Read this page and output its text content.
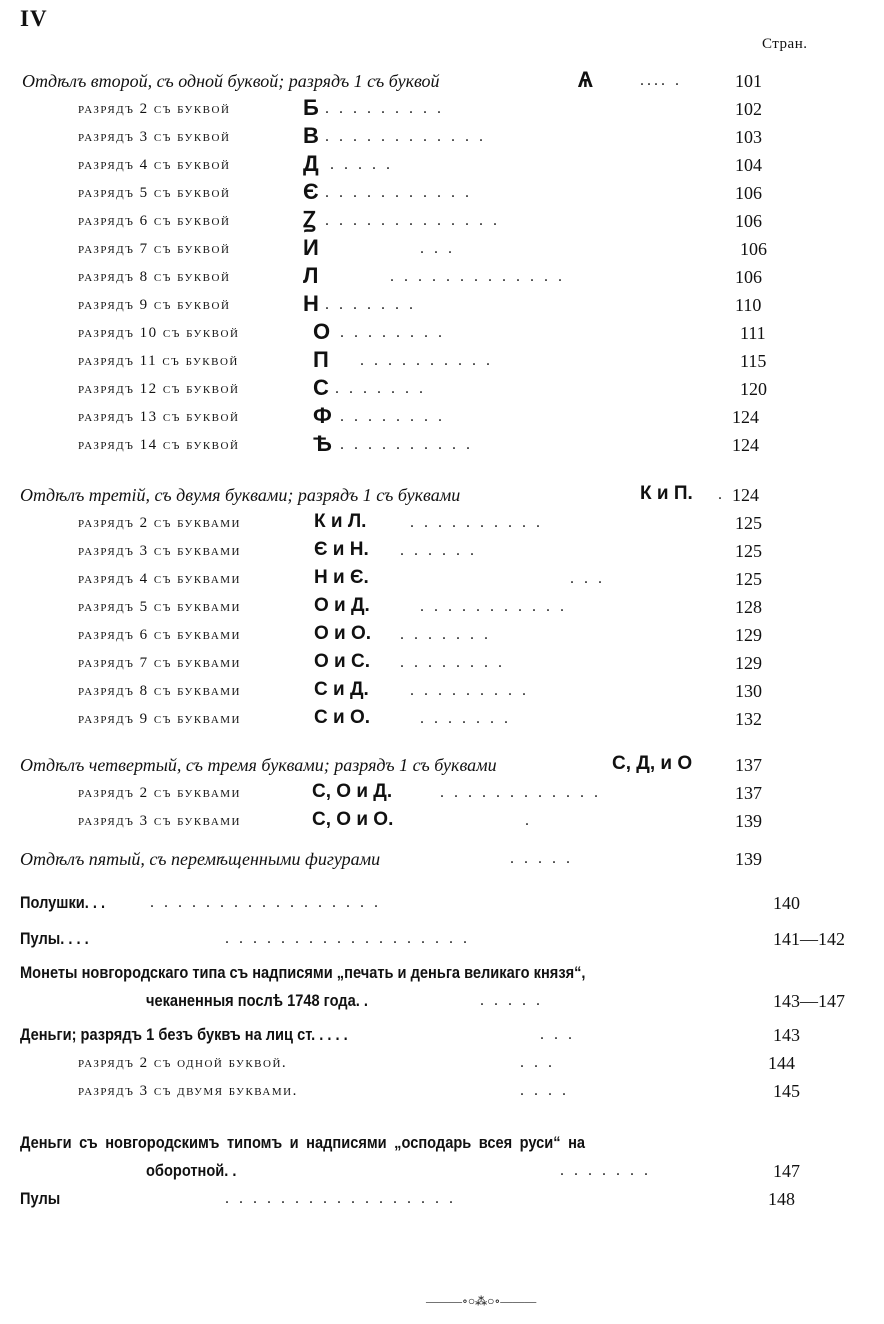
IV
Стран.
Отдѣлъ второй, съ одной буквой; разрядъ 1 съ буквой	Ѧ	.... .	101
разрядъ 2 съ буквой	Б . . . . . . . . .	102
разрядъ 3 съ буквой	В . . . . . . . . . . . .	103
разрядъ 4 съ буквой	Д . . . . .	104
разрядъ 5 съ буквой	Є . . . . . . . . . . .	106
разрядъ 6 съ буквой	Ꙁ . . . . . . . . . . . . .	106
разрядъ 7 съ буквой	И	. . .	106
разрядъ 8 съ буквой	Л	. . . . . . . . . . . . .	106
разрядъ 9 съ буквой	Н . . . . . . .	110
разрядъ 10 съ буквой	О . . . . . . . .	111
разрядъ 11 съ буквой	П . . . . . . . . . .	115
разрядъ 12 съ буквой	С . . . . . . .	120
разрядъ 13 съ буквой	Ф . . . . . . . .	124
разрядъ 14 съ буквой	Ѣ . . . . . . . . . .	124
Отдѣлъ третій, съ двумя буквами; разрядъ 1 съ буквами	К и П. . 124
разрядъ 2 съ буквами	К и Л.	. . . . . . . . . .	125
разрядъ 3 съ буквами	Є и Н. . . . . . .	125
разрядъ 4 съ буквами	Н и Є.	. . .	125
разрядъ 5 съ буквами	О и Д.	. . . . . . . . . . .	128
разрядъ 6 съ буквами	О и О. . . . . . . .	129
разрядъ 7 съ буквами	О и С. . . . . . . . .	129
разрядъ 8 съ буквами	С и Д.	. . . . . . . . .	130
разрядъ 9 съ буквами	С и О.	. . . . . . .	132
Отдѣлъ четвертый, съ тремя буквами; разрядъ 1 съ буквами	С, Д, и О 137
разрядъ 2 съ буквами	С, О и Д.	. . . . . . . . . . . .	137
разрядъ 3 съ буквами	С, О и О.	.	139
Отдѣлъ пятый, съ перемѣщенными фигурами	. . . . .	139
Полушки. . .	. . . . . . . . . . . . . . . . .	140
Пулы. . . .	. . . . . . . . . . . . . . . . . .	141—142
Монеты новгородскаго типа съ надписями „печать и деньга великаго князя“,
чеканенныя послѣ 1748 года. .	. . . . .	143—147
Деньги; разрядъ 1 безъ буквъ на лиц ст. . . . .	. . .	143
разрядъ 2 съ одной буквой.	. . .	144
разрядъ 3 съ двумя буквами.	. . . .	145
Деньги съ новгородскимъ типомъ и надписями „осподарь всея руси“ на
оборотной. .	. . . . . . .	147
Пулы	. . . . . . . . . . . . . . . . .	148
———∘○⁂○∘———
